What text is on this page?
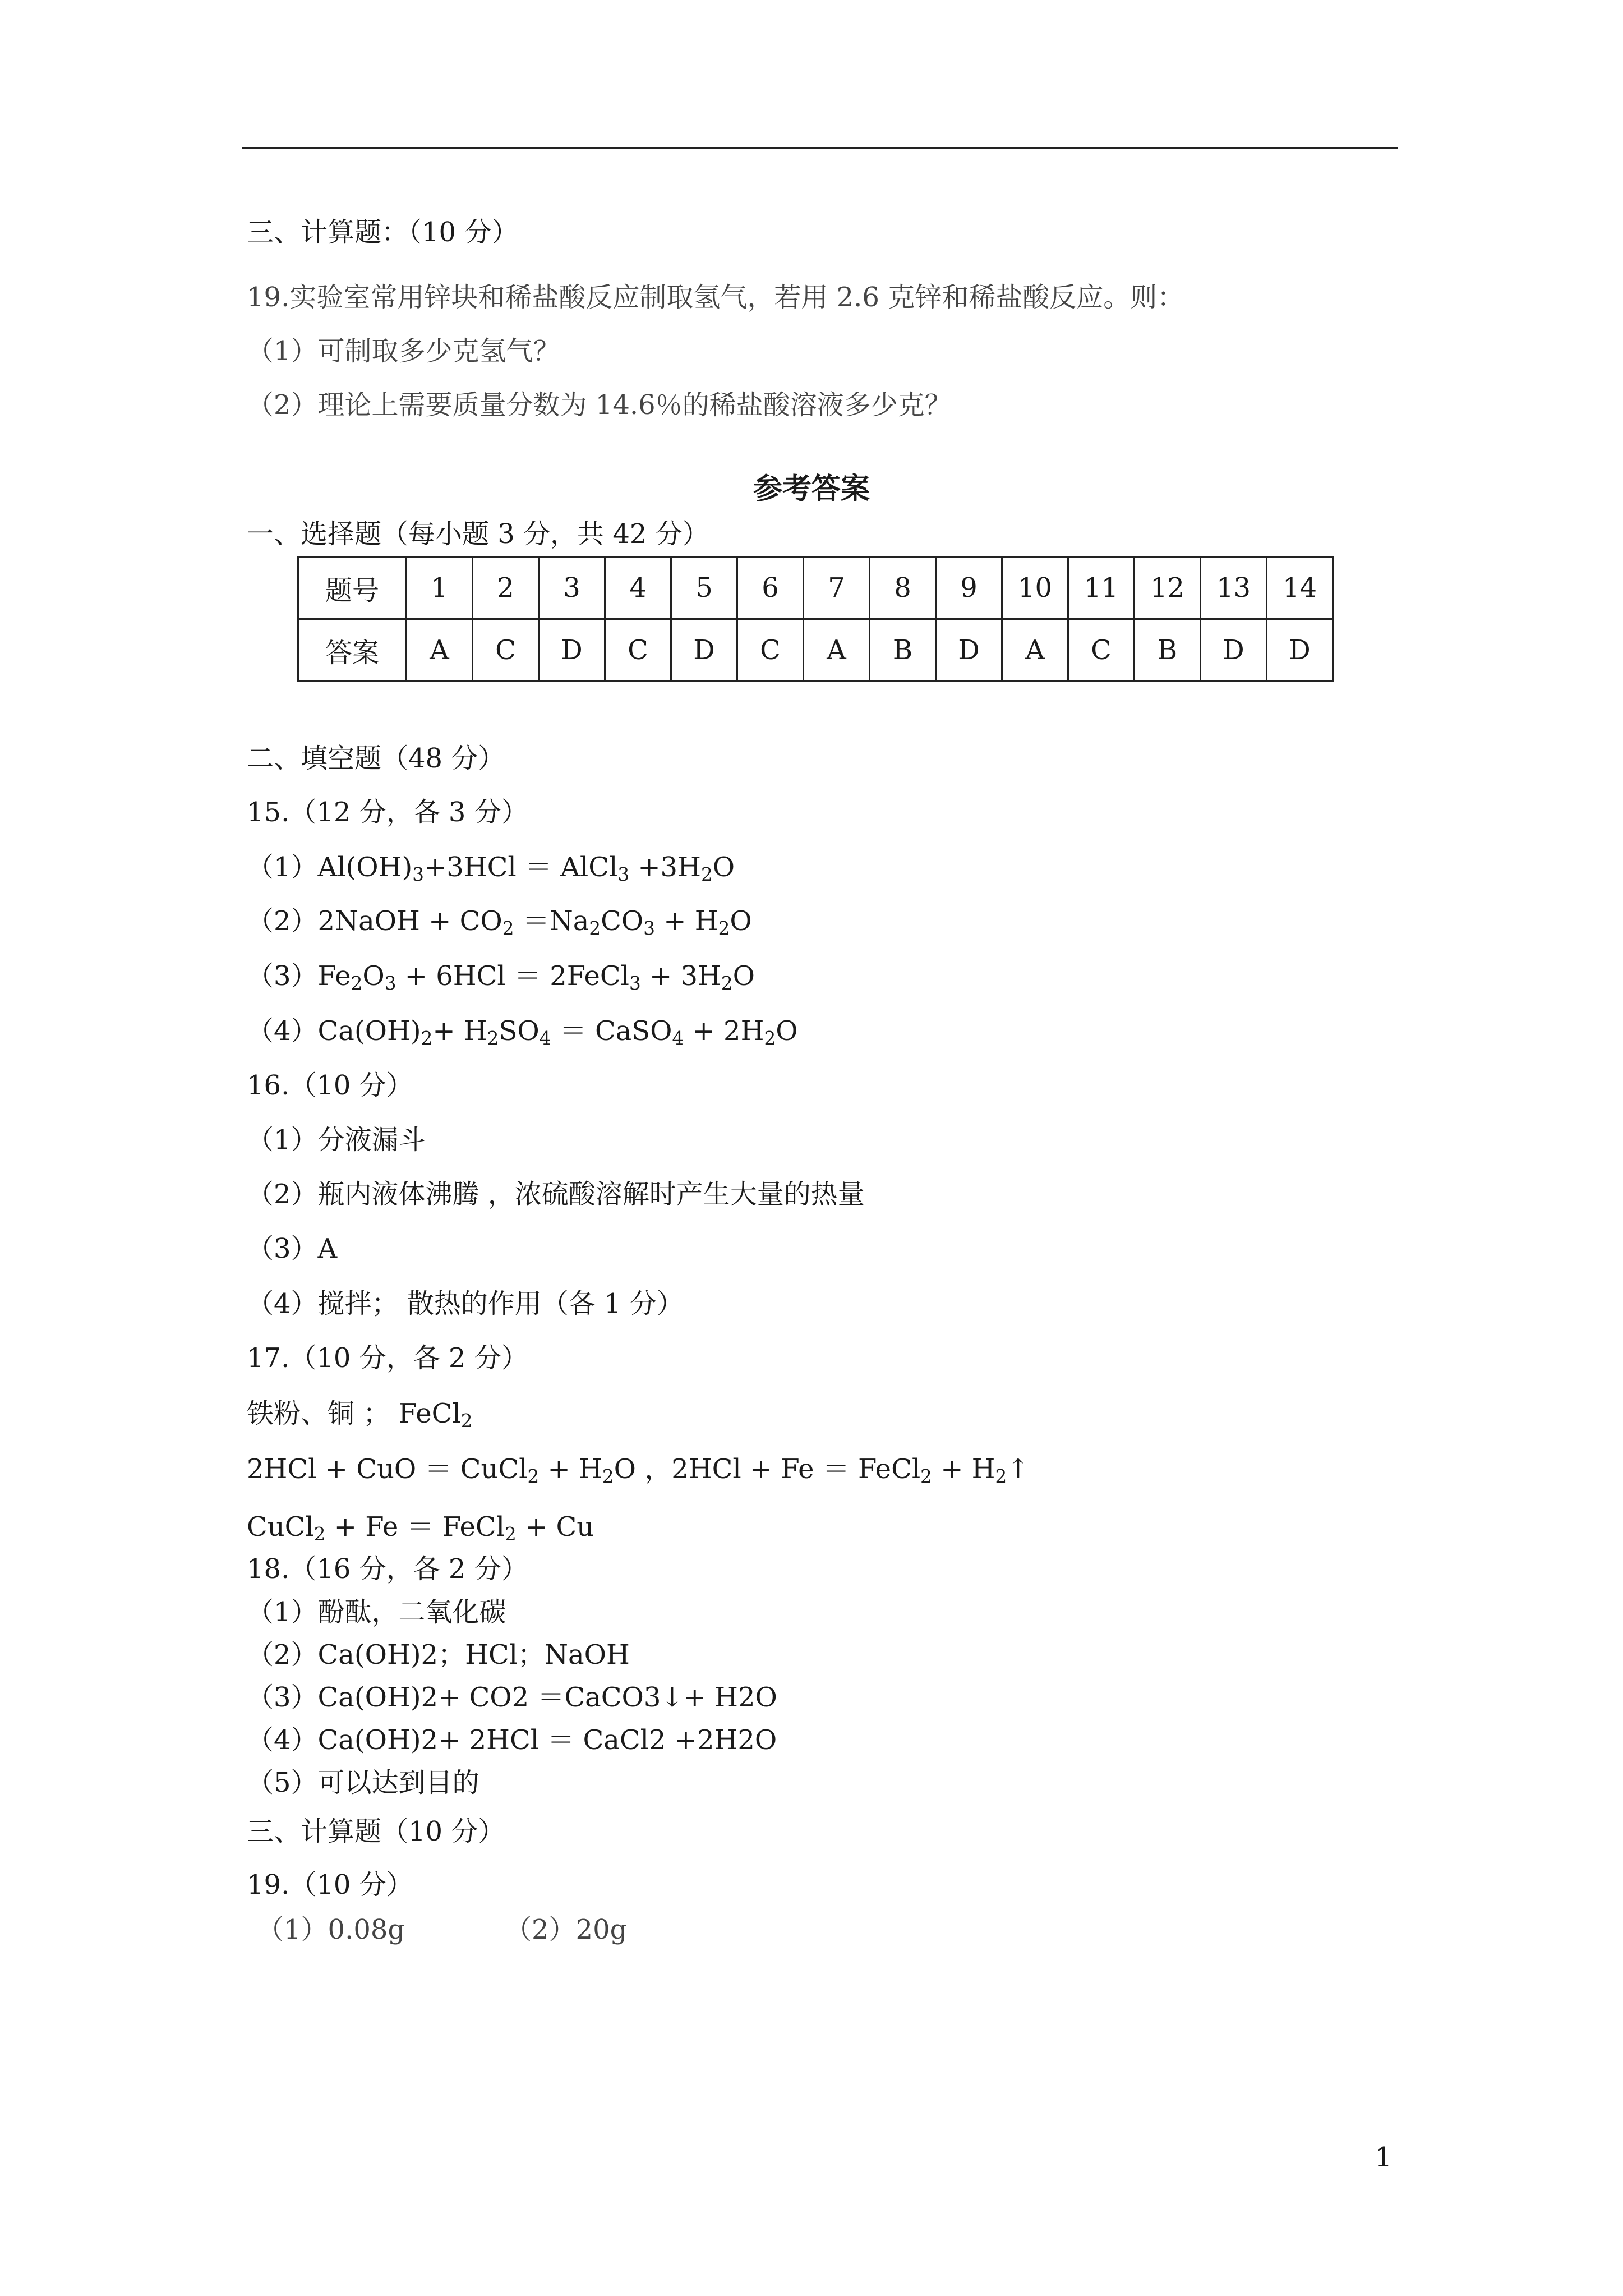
三、计算题：（10 分）
19.实验室常用锌块和稀盐酸反应制取氢气，若用 2.6 克锌和稀盐酸反应。则：
（1）可制取多少克氢气？
（2）理论上需要质量分数为 14.6％的稀盐酸溶液多少克？
参考答案
一、选择题（每小题 3 分，共 42 分）
题号	1	2	3	4	5	6	7	8	9	10	11	12	13	14
答案	A	C	D	C	D	C	A	B	D	A	C	B	D	D
二、填空题（48 分）
15.（12 分，各 3 分）
$(1)Al(OH)_3+3HCl$ ＝ AlCl$_3$ $+3H_2O$
（2）2NaOH + $CO_2 =Na_2CO_3 + H_2O$
$(3)Fe_2O_3 + 6HCl$ ＝ 2FeCl$_3$ + $3H_2O$
$(4)Ca(OH)_2+ H_2SO_4$ ＝ CaSO$_4$ + $2H_2O$
16.（10 分）
（1）分液漏斗
（2）瓶内液体沸腾 ，浓硫酸溶解时产生大量的热量
（3）A
（4）搅拌； 散热的作用（各 1 分）
17.（10 分，各 2 分）
铁粉、铜 ； FeCl$_2$
2HCl + CuO ＝ CuCl$_2$ + $H_2O$ ，2HCl + Fe ＝ FeCl$_2$ + $H_2↑$
CuCl$_2$ + Fe ＝ FeCl$_2$ + Cu
18.（16 分，各 2 分）
（1）酚酞，二氧化碳
（2）Ca(OH)2；HCl；NaOH
（3）Ca(OH)2+ CO2 ＝CaCO3↓+ H2O
（4）Ca(OH)2+ 2HCl ＝ CaCl2 +2H2O
（5）可以达到目的
三、计算题（10 分）
19.（10 分）
（1）0.08g	（2）20g
1
